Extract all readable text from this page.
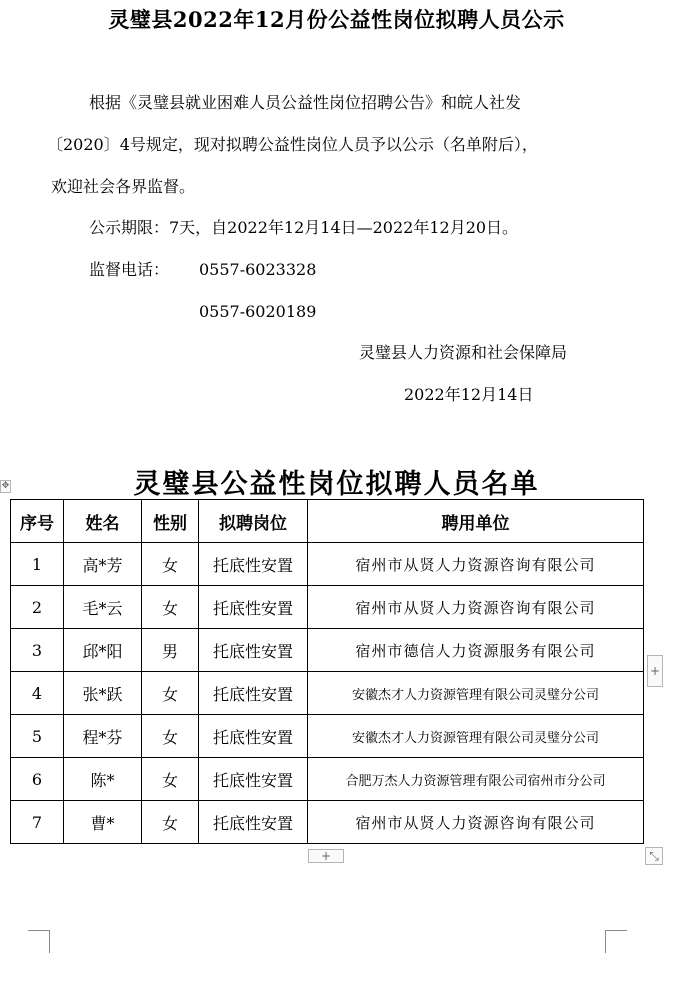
灵璧县2022年12月份公益性岗位拟聘人员公示
根据《灵璧县就业困难人员公益性岗位招聘公告》和皖人社发
〔2020〕4号规定，现对拟聘公益性岗位人员予以公示（名单附后），
欢迎社会各界监督。
公示期限：7天，自2022年12月14日—2022年12月20日。
监督电话： 0557-6023328
0557-6020189
灵璧县人力资源和社会保障局
2022年12月14日
灵璧县公益性岗位拟聘人员名单
✥
序号	姓名	性别	拟聘岗位	聘用单位
1	高*芳	女	托底性安置	宿州市从贤人力资源咨询有限公司
2	毛*云	女	托底性安置	宿州市从贤人力资源咨询有限公司
3	邱*阳	男	托底性安置	宿州市德信人力资源服务有限公司
4	张*跃	女	托底性安置	安徽杰才人力资源管理有限公司灵璧分公司
5	程*芬	女	托底性安置	安徽杰才人力资源管理有限公司灵璧分公司
6	陈*	女	托底性安置	合肥万杰人力资源管理有限公司宿州市分公司
7	曹*	女	托底性安置	宿州市从贤人力资源咨询有限公司
+
+	⤡
